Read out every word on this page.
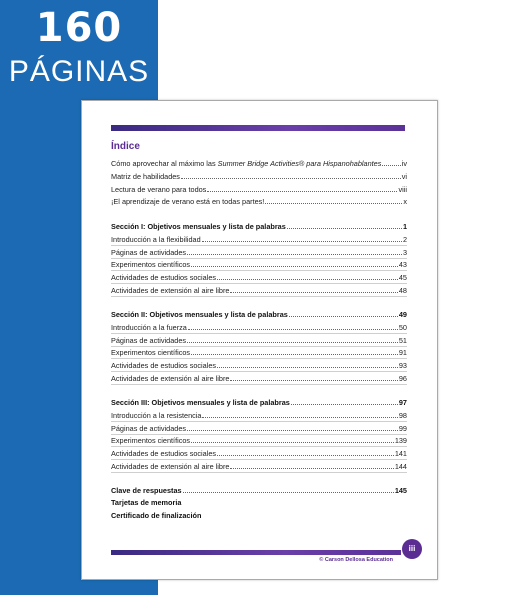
160
PÁGINAS
Índice
Cómo aprovechar al máximo las Summer Bridge Activities® para Hispanohablantes	iv
Matriz de habilidades	vi
Lectura de verano para todos	viii
¡El aprendizaje de verano está en todas partes!	x
Sección I: Objetivos mensuales y lista de palabras	1
Introducción a la flexibilidad	2
Páginas de actividades	3
Experimentos científicos	43
Actividades de estudios sociales	45
Actividades de extensión al aire libre	48
Sección II: Objetivos mensuales y lista de palabras	49
Introducción a la fuerza	50
Páginas de actividades	51
Experimentos científicos	91
Actividades de estudios sociales	93
Actividades de extensión al aire libre	96
Sección III: Objetivos mensuales y lista de palabras	97
Introducción a la resistencia	98
Páginas de actividades	99
Experimentos científicos	139
Actividades de estudios sociales	141
Actividades de extensión al aire libre	144
Clave de respuestas	145
Tarjetas de memoria
Certificado de finalización
© Carson Dellosa Education
iii
